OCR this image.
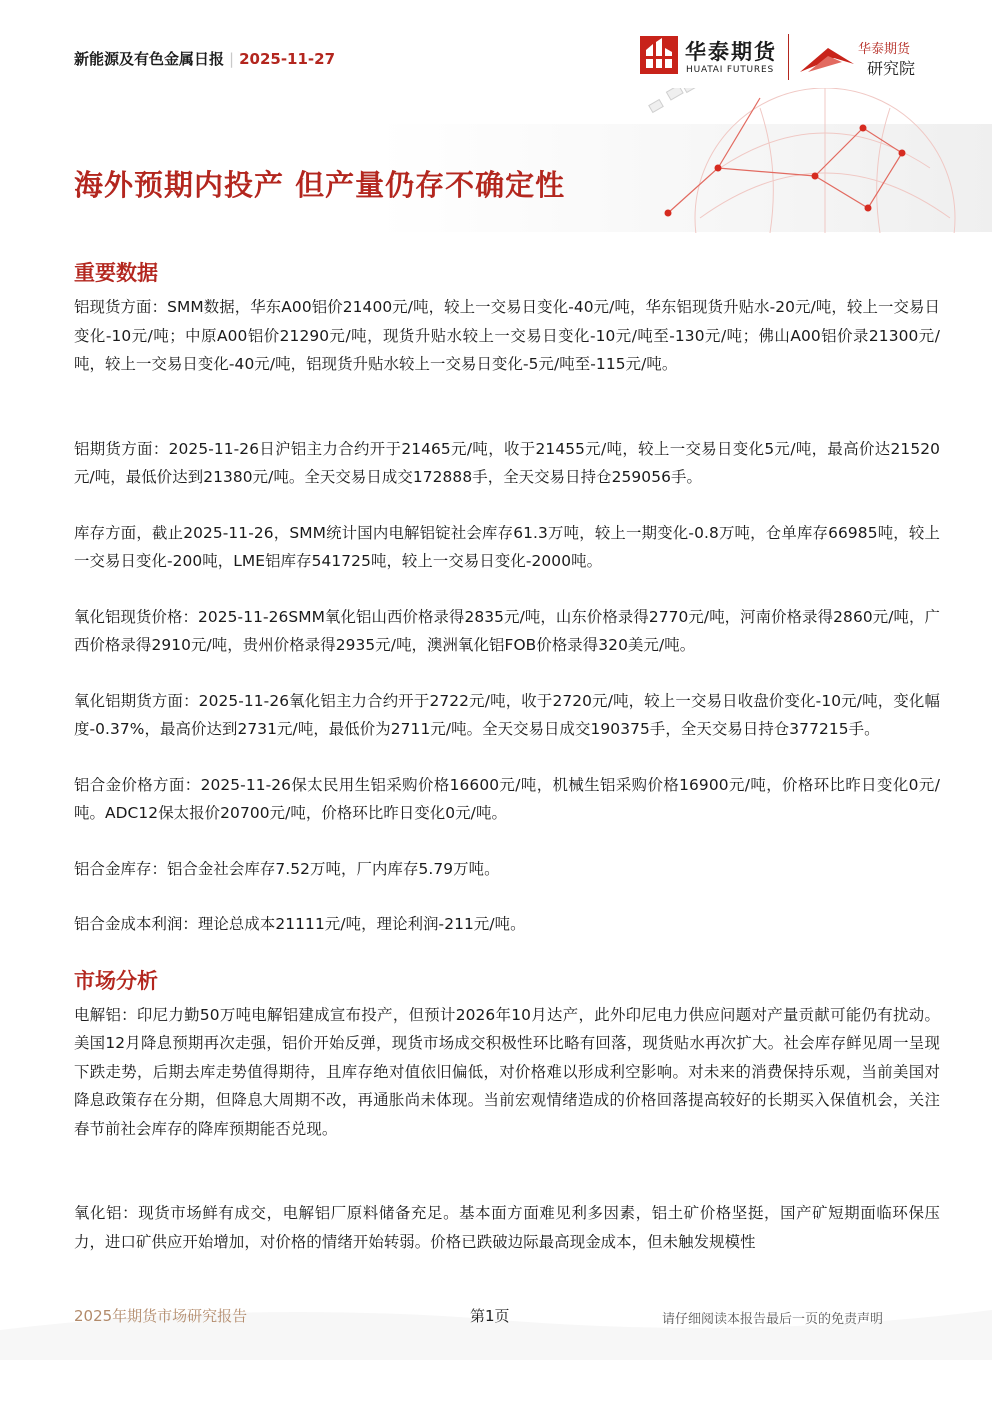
新能源及有色金属日报 | 2025-11-27	华泰期货
HUATAI FUTURES
华泰期货
研究院
海外预期内投产 但产量仍存不确定性
重要数据

铝现货方面：SMM数据，华东A00铝价21400元/吨，较上一交易日变化-40元/吨，华东铝现货升贴水-20元/吨，较上一交易日变化-10元/吨；中原A00铝价21290元/吨，现货升贴水较上一交易日变化-10元/吨至-130元/吨；佛山A00铝价录21300元/吨，较上一交易日变化-40元/吨，铝现货升贴水较上一交易日变化-5元/吨至-115元/吨。

铝期货方面：2025-11-26日沪铝主力合约开于21465元/吨，收于21455元/吨，较上一交易日变化5元/吨，最高价达21520元/吨，最低价达到21380元/吨。全天交易日成交172888手，全天交易日持仓259056手。

库存方面，截止2025-11-26，SMM统计国内电解铝锭社会库存61.3万吨，较上一期变化-0.8万吨，仓单库存66985吨，较上一交易日变化-200吨，LME铝库存541725吨，较上一交易日变化-2000吨。

氧化铝现货价格：2025-11-26SMM氧化铝山西价格录得2835元/吨，山东价格录得2770元/吨，河南价格录得2860元/吨，广西价格录得2910元/吨，贵州价格录得2935元/吨，澳洲氧化铝FOB价格录得320美元/吨。

氧化铝期货方面：2025-11-26氧化铝主力合约开于2722元/吨，收于2720元/吨，较上一交易日收盘价变化-10元/吨，变化幅度-0.37%，最高价达到2731元/吨，最低价为2711元/吨。全天交易日成交190375手，全天交易日持仓377215手。

铝合金价格方面：2025-11-26保太民用生铝采购价格16600元/吨，机械生铝采购价格16900元/吨，价格环比昨日变化0元/吨。ADC12保太报价20700元/吨，价格环比昨日变化0元/吨。

铝合金库存：铝合金社会库存7.52万吨，厂内库存5.79万吨。

铝合金成本利润：理论总成本21111元/吨，理论利润-211元/吨。

市场分析

电解铝：印尼力勤50万吨电解铝建成宣布投产，但预计2026年10月达产，此外印尼电力供应问题对产量贡献可能仍有扰动。美国12月降息预期再次走强，铝价开始反弹，现货市场成交积极性环比略有回落，现货贴水再次扩大。社会库存鲜见周一呈现下跌走势，后期去库走势值得期待，且库存绝对值依旧偏低，对价格难以形成利空影响。对未来的消费保持乐观，当前美国对降息政策存在分期，但降息大周期不改，再通胀尚未体现。当前宏观情绪造成的价格回落提高较好的长期买入保值机会，关注春节前社会库存的降库预期能否兑现。

氧化铝：现货市场鲜有成交，电解铝厂原料储备充足。基本面方面难见利多因素，铝土矿价格坚挺，国产矿短期面临环保压力，进口矿供应开始增加，对价格的情绪开始转弱。价格已跌破边际最高现金成本，但未触发规模性

2025年期货市场研究报告	第1页	请仔细阅读本报告最后一页的免责声明
